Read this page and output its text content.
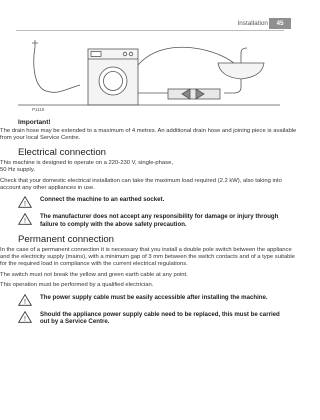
Installation	45
P1118
Important!

The drain hose may be extended to a maximum of 4 metres. An additional drain hose and joining piece is available from your local Service Centre.

Electrical connection

This machine is designed to operate on a 220-230 V, single-phase,

50 Hz supply.

Check that your domestic electrical installation can take the maximum load required (2.2 kW), also taking into account any other appliances in use.

!
Connect the machine to an earthed socket.
!
The manufacturer does not accept any responsibility for damage or injury through failure to comply with the above safety precaution.
Permanent connection

In the case of a permanent connection it is necessary that you install a double pole switch between the appliance and the electricity supply (mains), with a minimum gap of 3 mm between the switch contacts and of a type suitable for the required load in compliance with the current electrical regulations.

The switch must not break the yellow and green earth cable at any point.

This operation must be performed by a qualified electrician.

!
The power supply cable must be easily accessible after installing the machine.
!
Should the appliance power supply cable need to be replaced, this must be carried out by a Service Centre.
